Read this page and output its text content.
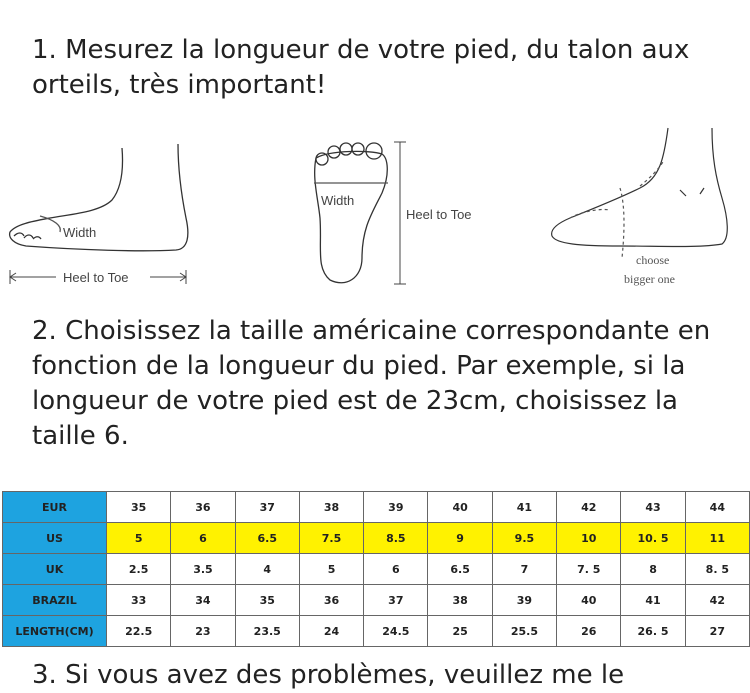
1. Mesurez la longueur de votre pied, du talon aux orteils, très important!

Width
Heel to Toe
Width
Heel to Toe
choose
bigger one

2. Choisissez la taille américaine correspondante en fonction de la longueur du pied. Par exemple, si la longueur de votre pied est de 23cm, choisissez la taille 6.

EUR	35	36	37	38	39	40	41	42	43	44
US	5	6	6.5	7.5	8.5	9	9.5	10	10. 5	11
UK	2.5	3.5	4	5	6	6.5	7	7. 5	8	8. 5
BRAZIL	33	34	35	36	37	38	39	40	41	42
LENGTH(CM)	22.5	23	23.5	24	24.5	25	25.5	26	26. 5	27

3. Si vous avez des problèmes, veuillez me le
